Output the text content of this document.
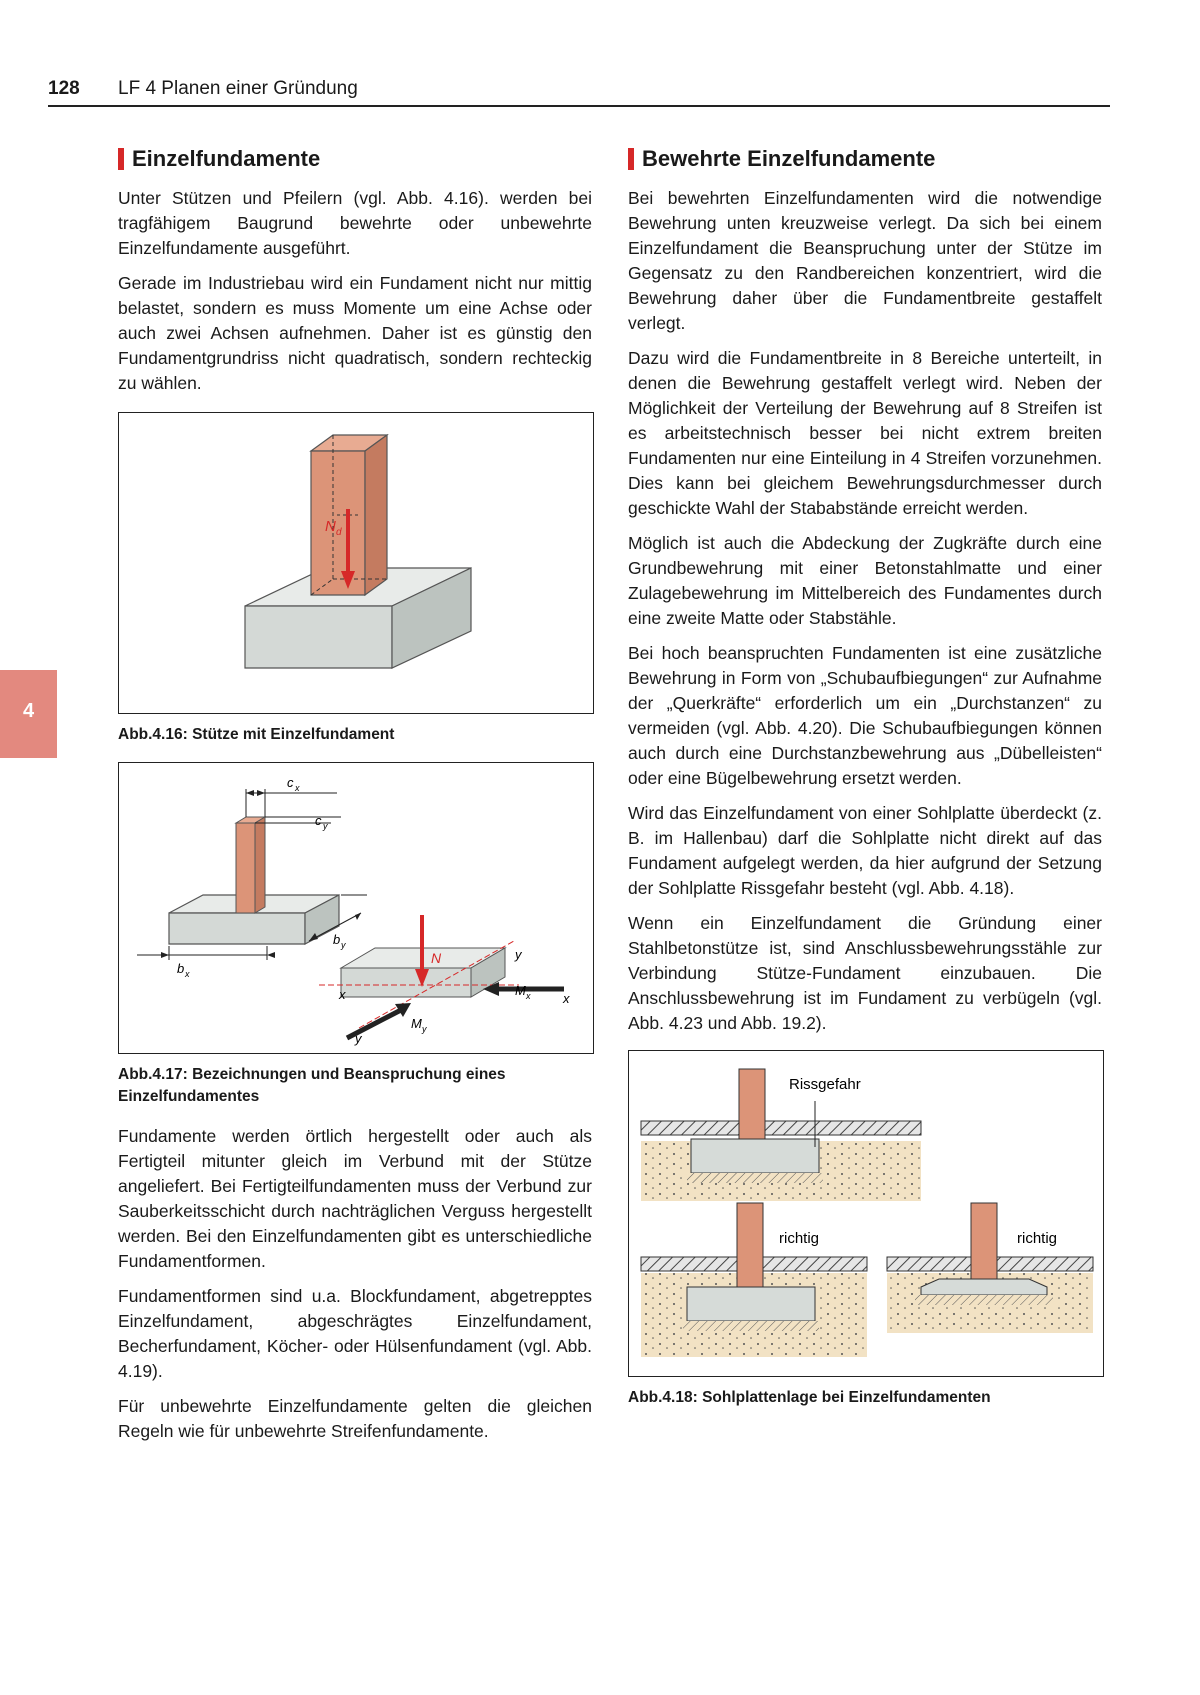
128 LF 4 Planen einer Gründung
4
Einzelfundamente

Unter Stützen und Pfeilern (vgl. Abb. 4.16). werden bei tragfähigem Baugrund bewehrte oder unbewehrte Einzelfundamente ausgeführt.

Gerade im Industriebau wird ein Fundament nicht nur mittig belastet, sondern es muss Momente um eine Achse oder auch zwei Achsen aufnehmen. Daher ist es günstig den Fundamentgrundriss nicht quadratisch, sondern rechteckig zu wählen.

N d
Abb.4.16: Stütze mit Einzelfundament
c x
c y
b y
b x
N
M x
M y
x	x
y
y
Abb.4.17: Bezeichnungen und Beanspruchung eines Einzelfundamentes

Fundamente werden örtlich hergestellt oder auch als Fertigteil mitunter gleich im Verbund mit der Stütze angeliefert. Bei Fertigteilfundamenten muss der Verbund zur Sauberkeitsschicht durch nachträglichen Verguss hergestellt werden. Bei den Einzelfundamenten gibt es unterschiedliche Fundamentformen.

Fundamentformen sind u.a. Blockfundament, abgetrepptes Einzelfundament, abgeschrägtes Einzelfundament, Becherfundament, Köcher- oder Hülsenfundament (vgl. Abb. 4.19).

Für unbewehrte Einzelfundamente gelten die gleichen Regeln wie für unbewehrte Streifenfundamente.

Bewehrte Einzelfundamente

Bei bewehrten Einzelfundamenten wird die notwendige Bewehrung unten kreuzweise verlegt. Da sich bei einem Einzelfundament die Beanspruchung unter der Stütze im Gegensatz zu den Randbereichen konzentriert, wird die Bewehrung daher über die Fundamentbreite gestaffelt verlegt.

Dazu wird die Fundamentbreite in 8 Bereiche unterteilt, in denen die Bewehrung gestaffelt verlegt wird. Neben der Möglichkeit der Verteilung der Bewehrung auf 8 Streifen ist es arbeitstechnisch besser bei nicht extrem breiten Fundamenten nur eine Einteilung in 4 Streifen vorzunehmen. Dies kann bei gleichem Bewehrungsdurchmesser durch geschickte Wahl der Stababstände erreicht werden.

Möglich ist auch die Abdeckung der Zugkräfte durch eine Grundbewehrung mit einer Betonstahlmatte und einer Zulagebewehrung im Mittelbereich des Fundamentes durch eine zweite Matte oder Stabstähle.

Bei hoch beanspruchten Fundamenten ist eine zusätzliche Bewehrung in Form von „Schubaufbiegungen“ zur Aufnahme der „Querkräfte“ erforderlich um ein „Durchstanzen“ zu vermeiden (vgl. Abb. 4.20). Die Schubaufbiegungen können auch durch eine Durchstanzbewehrung aus „Dübelleisten“ oder eine Bügelbewehrung ersetzt werden.

Wird das Einzelfundament von einer Sohlplatte überdeckt (z. B. im Hallenbau) darf die Sohlplatte nicht direkt auf das Fundament aufgelegt werden, da hier aufgrund der Setzung der Sohlplatte Rissgefahr besteht (vgl. Abb. 4.18).

Wenn ein Einzelfundament die Gründung einer Stahlbetonstütze ist, sind Anschlussbewehrungsstähle zur Verbindung Stütze-Fundament einzubauen. Die Anschlussbewehrung ist im Fundament zu verbügeln (vgl. Abb. 4.23 und Abb. 19.2).

Rissgefahr
richtig	richtig
Abb.4.18: Sohlplattenlage bei Einzelfundamenten
